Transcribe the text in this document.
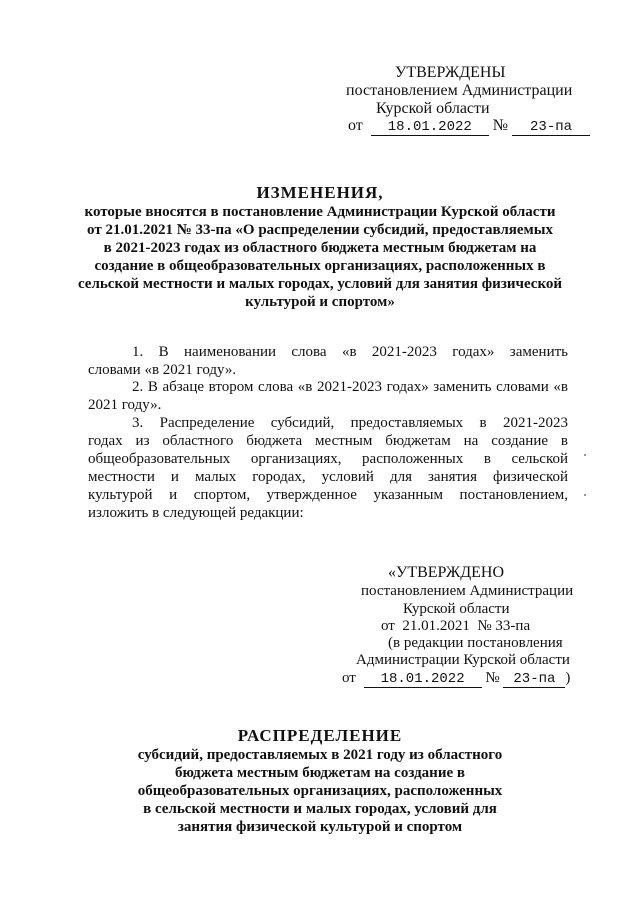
УТВЕРЖДЕНЫ
постановлением Администрации
Курской области
от 18.01.2022 № 23-па
ИЗМЕНЕНИЯ,
которые вносятся в постановление Администрации Курской области
от 21.01.2021 № 33-па «О распределении субсидий, предоставляемых
в 2021-2023 годах из областного бюджета местным бюджетам на
создание в общеобразовательных организациях, расположенных в
сельской местности и малых городах, условий для занятия физической
культурой и спортом»
1. В наименовании слова «в 2021-2023 годах» заменить
словами «в 2021 году».
2. В абзаце втором слова «в 2021-2023 годах» заменить словами «в
2021 году».
3. Распределение субсидий, предоставляемых в 2021-2023
годах из областного бюджета местным бюджетам на создание в
общеобразовательных организациях, расположенных в сельской
местности и малых городах, условий для занятия физической
культурой и спортом, утвержденное указанным постановлением,
изложить в следующей редакции:
«УТВЕРЖДЕНО
постановлением Администрации
Курской области
от  21.01.2021  № 33-па
(в редакции постановления
Администрации Курской области
от 18.01.2022 № 23-па )
РАСПРЕДЕЛЕНИЕ
субсидий, предоставляемых в 2021 году из областного
бюджета местным бюджетам на создание в
общеобразовательных организациях, расположенных
в сельской местности и малых городах, условий для
занятия физической культурой и спортом
